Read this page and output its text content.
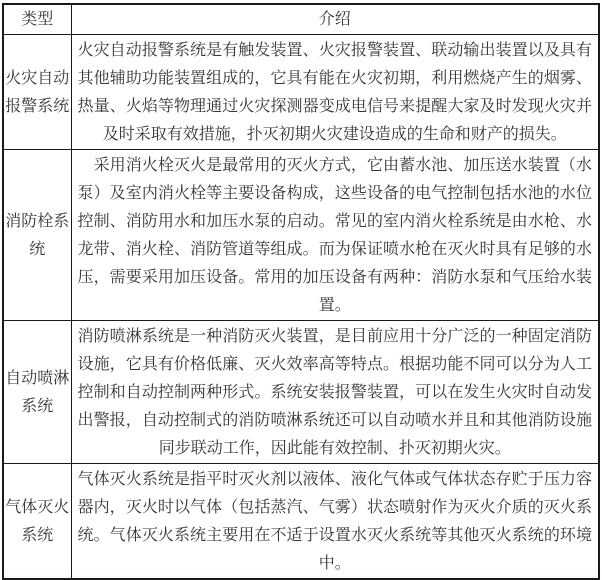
类型	介绍
火灾自动报警系统	火灾自动报警系统是有触发装置、火灾报警装置、联动输出装置以及具有其他辅助功能装置组成的，它具有能在火灾初期，利用燃烧产生的烟雾、热量、火焰等物理通过火灾探测器变成电信号来提醒大家及时发现火灾并及时采取有效措施，扑灭初期火灾建设造成的生命和财产的损失。
消防栓系统	　采用消火栓灭火是最常用的灭火方式，它由蓄水池、加压送水装置（水泵）及室内消火栓等主要设备构成，这些设备的电气控制包括水池的水位控制、消防用水和加压水泵的启动。常见的室内消火栓系统是由水枪、水龙带、消火栓、消防管道等组成。而为保证喷水枪在灭火时具有足够的水压，需要采用加压设备。常用的加压设备有两种：消防水泵和气压给水装置。
自动喷淋系统	消防喷淋系统是一种消防灭火装置，是目前应用十分广泛的一种固定消防设施，它具有价格低廉、灭火效率高等特点。根据功能不同可以分为人工控制和自动控制两种形式。系统安装报警装置，可以在发生火灾时自动发出警报，自动控制式的消防喷淋系统还可以自动喷水并且和其他消防设施同步联动工作，因此能有效控制、扑灭初期火灾。
气体灭火系统	气体灭火系统是指平时灭火剂以液体、液化气体或气体状态存贮于压力容器内，灭火时以气体（包括蒸汽、气雾）状态喷射作为灭火介质的灭火系统。气体灭火系统主要用在不适于设置水灭火系统等其他灭火系统的环境中。
